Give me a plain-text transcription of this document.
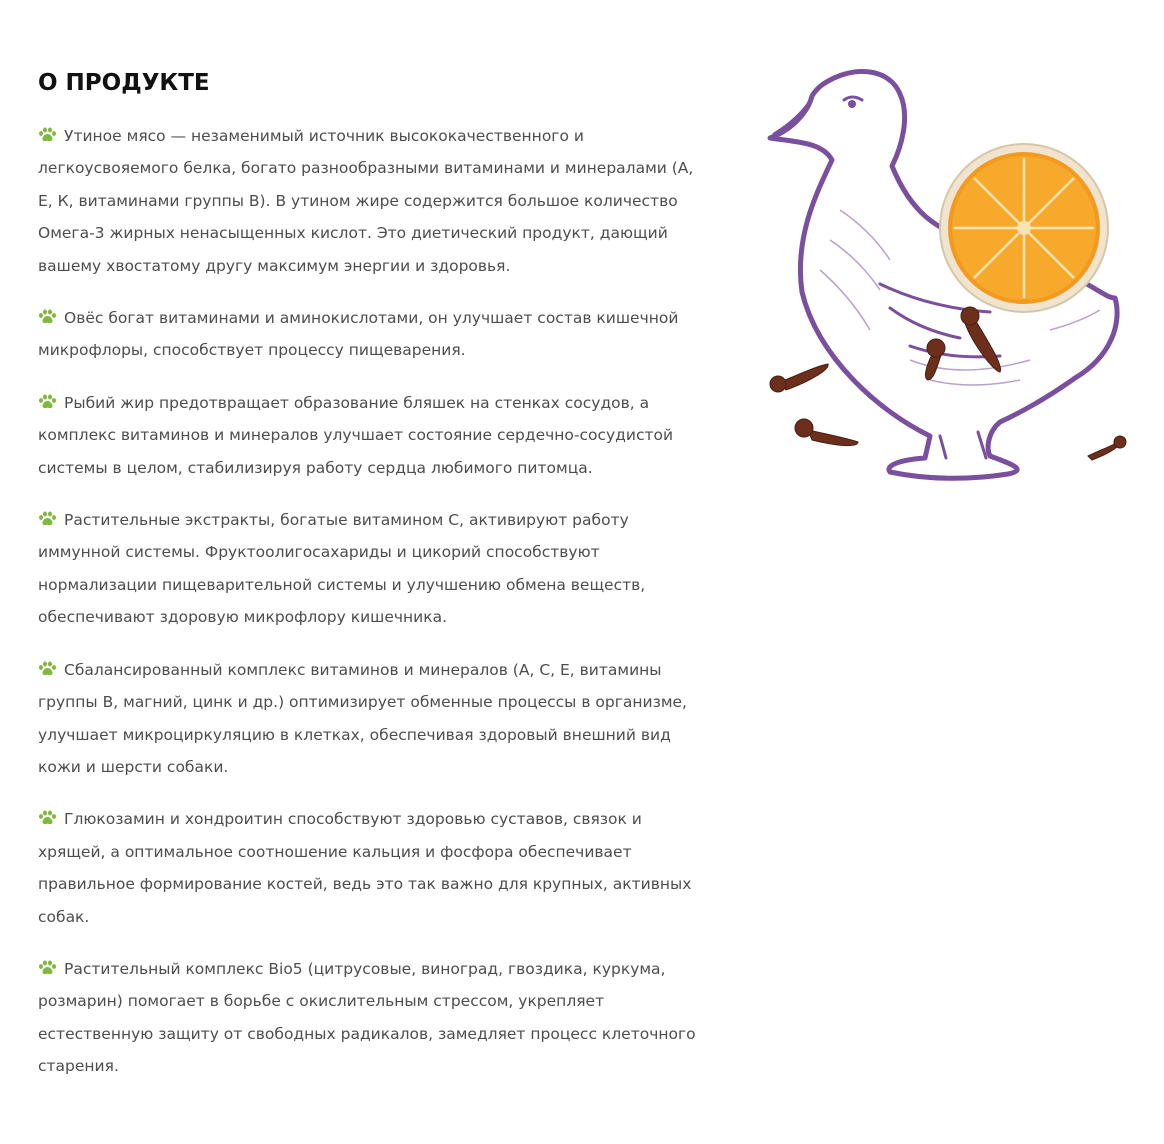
О ПРОДУКТЕ

Утиное мясо — незаменимый источник высококачественного и легкоусвояемого белка, богато разнообразными витаминами и минералами (А, Е, К, витаминами группы В). В утином жире содержится большое количество Омега-3 жирных ненасыщенных кислот. Это диетический продукт, дающий вашему хвостатому другу максимум энергии и здоровья.

Овёс богат витаминами и аминокислотами, он улучшает состав кишечной микрофлоры, способствует процессу пищеварения.

Рыбий жир предотвращает образование бляшек на стенках сосудов, а комплекс витаминов и минералов улучшает состояние сердечно-сосудистой системы в целом, стабилизируя работу сердца любимого питомца.

Растительные экстракты, богатые витамином С, активируют работу иммунной системы. Фруктоолигосахариды и цикорий способствуют нормализации пищеварительной системы и улучшению обмена веществ, обеспечивают здоровую микрофлору кишечника.

Сбалансированный комплекс витаминов и минералов (А, С, Е, витамины группы В, магний, цинк и др.) оптимизирует обменные процессы в организме, улучшает микроциркуляцию в клетках, обеспечивая здоровый внешний вид кожи и шерсти собаки.

Глюкозамин и хондроитин способствуют здоровью суставов, связок и хрящей, а оптимальное соотношение кальция и фосфора обеспечивает правильное формирование костей, ведь это так важно для крупных, активных собак.

Растительный комплекс Bio5 (цитрусовые, виноград, гвоздика, куркума, розмарин) помогает в борьбе с окислительным стрессом, укрепляет естественную защиту от свободных радикалов, замедляет процесс клеточного старения.
